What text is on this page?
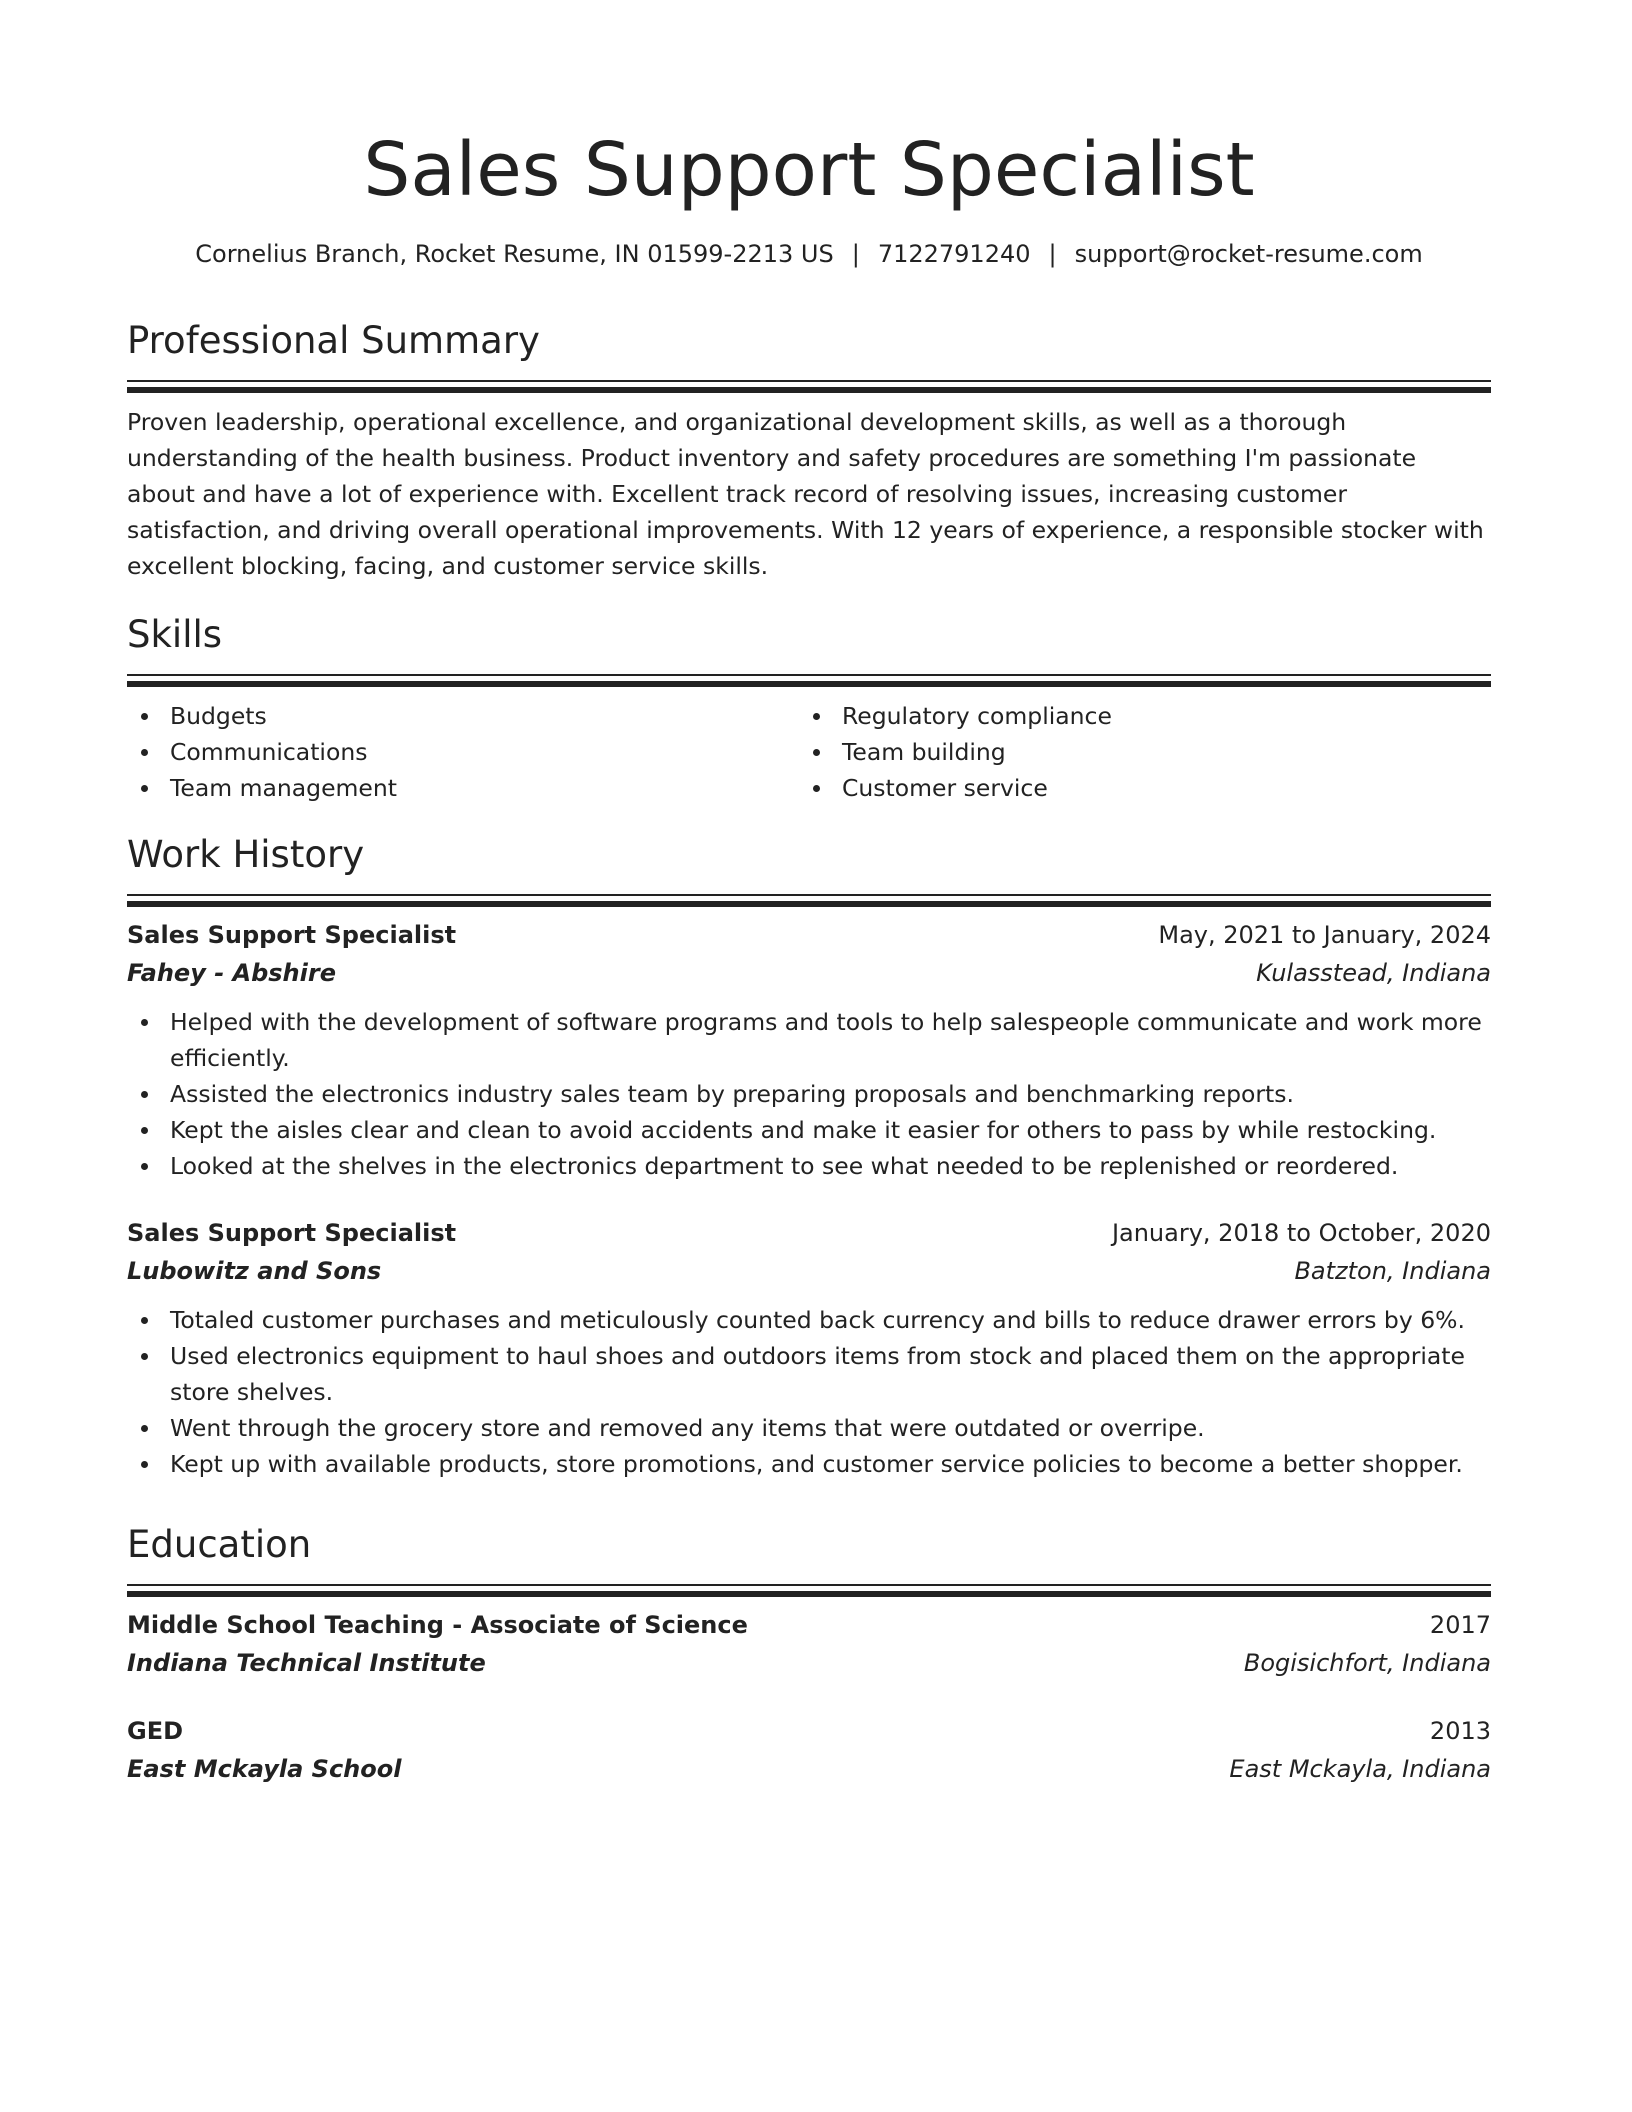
Sales Support Specialist
Cornelius Branch, Rocket Resume, IN 01599-2213 US | 7122791240 | support@rocket-resume.com
Professional Summary

Proven leadership, operational excellence, and organizational development skills, as well as a thorough understanding of the health business. Product inventory and safety procedures are something I'm passionate about and have a lot of experience with. Excellent track record of resolving issues, increasing customer satisfaction, and driving overall operational improvements. With 12 years of experience, a responsible stocker with excellent blocking, facing, and customer service skills.

Skills
Budgets
Communications
Team management
Regulatory compliance
Team building
Customer service
Work History
Sales Support Specialist	May, 2021 to January, 2024
Fahey - Abshire	Kulasstead, Indiana
Helped with the development of software programs and tools to help salespeople communicate and work more efficiently.
Assisted the electronics industry sales team by preparing proposals and benchmarking reports.
Kept the aisles clear and clean to avoid accidents and make it easier for others to pass by while restocking.
Looked at the shelves in the electronics department to see what needed to be replenished or reordered.
Sales Support Specialist	January, 2018 to October, 2020
Lubowitz and Sons	Batzton, Indiana
Totaled customer purchases and meticulously counted back currency and bills to reduce drawer errors by 6%.
Used electronics equipment to haul shoes and outdoors items from stock and placed them on the appropriate store shelves.
Went through the grocery store and removed any items that were outdated or overripe.
Kept up with available products, store promotions, and customer service policies to become a better shopper.
Education
Middle School Teaching - Associate of Science	2017
Indiana Technical Institute	Bogisichfort, Indiana
GED	2013
East Mckayla School	East Mckayla, Indiana
